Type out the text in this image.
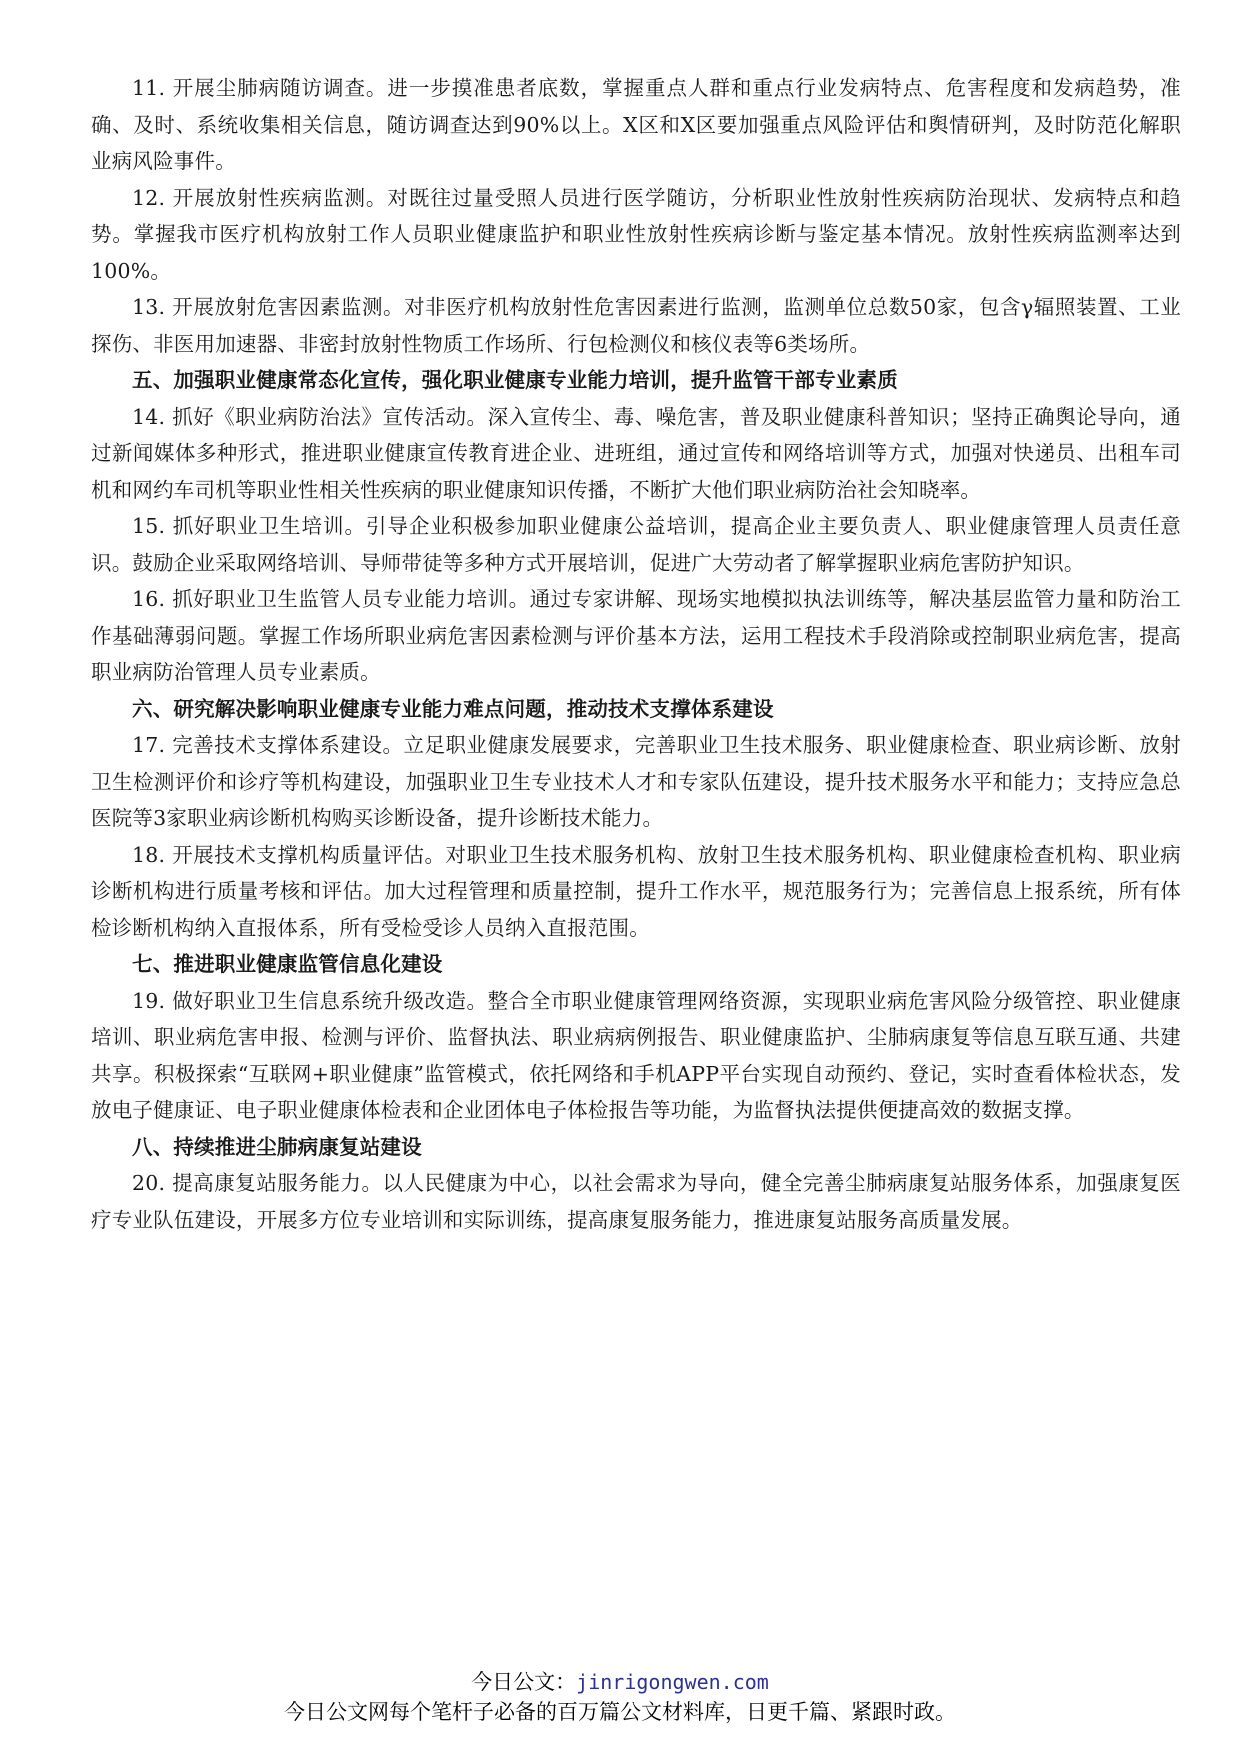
11. 开展尘肺病随访调查。进一步摸准患者底数，掌握重点人群和重点行业发病特点、危害程度和发病趋势，准确、及时、系统收集相关信息，随访调查达到90%以上。X区和X区要加强重点风险评估和舆情研判，及时防范化解职业病风险事件。

12. 开展放射性疾病监测。对既往过量受照人员进行医学随访，分析职业性放射性疾病防治现状、发病特点和趋势。掌握我市医疗机构放射工作人员职业健康监护和职业性放射性疾病诊断与鉴定基本情况。放射性疾病监测率达到100%。

13. 开展放射危害因素监测。对非医疗机构放射性危害因素进行监测，监测单位总数50家，包含γ辐照装置、工业探伤、非医用加速器、非密封放射性物质工作场所、行包检测仪和核仪表等6类场所。

五、加强职业健康常态化宣传，强化职业健康专业能力培训，提升监管干部专业素质

14. 抓好《职业病防治法》宣传活动。深入宣传尘、毒、噪危害，普及职业健康科普知识；坚持正确舆论导向，通过新闻媒体多种形式，推进职业健康宣传教育进企业、进班组，通过宣传和网络培训等方式，加强对快递员、出租车司机和网约车司机等职业性相关性疾病的职业健康知识传播，不断扩大他们职业病防治社会知晓率。

15. 抓好职业卫生培训。引导企业积极参加职业健康公益培训，提高企业主要负责人、职业健康管理人员责任意识。鼓励企业采取网络培训、导师带徒等多种方式开展培训，促进广大劳动者了解掌握职业病危害防护知识。

16. 抓好职业卫生监管人员专业能力培训。通过专家讲解、现场实地模拟执法训练等，解决基层监管力量和防治工作基础薄弱问题。掌握工作场所职业病危害因素检测与评价基本方法，运用工程技术手段消除或控制职业病危害，提高职业病防治管理人员专业素质。

六、研究解决影响职业健康专业能力难点问题，推动技术支撑体系建设

17. 完善技术支撑体系建设。立足职业健康发展要求，完善职业卫生技术服务、职业健康检查、职业病诊断、放射卫生检测评价和诊疗等机构建设，加强职业卫生专业技术人才和专家队伍建设，提升技术服务水平和能力；支持应急总医院等3家职业病诊断机构购买诊断设备，提升诊断技术能力。

18. 开展技术支撑机构质量评估。对职业卫生技术服务机构、放射卫生技术服务机构、职业健康检查机构、职业病诊断机构进行质量考核和评估。加大过程管理和质量控制，提升工作水平，规范服务行为；完善信息上报系统，所有体检诊断机构纳入直报体系，所有受检受诊人员纳入直报范围。

七、推进职业健康监管信息化建设

19. 做好职业卫生信息系统升级改造。整合全市职业健康管理网络资源，实现职业病危害风险分级管控、职业健康培训、职业病危害申报、检测与评价、监督执法、职业病病例报告、职业健康监护、尘肺病康复等信息互联互通、共建共享。积极探索“互联网+职业健康”监管模式，依托网络和手机APP平台实现自动预约、登记，实时查看体检状态，发放电子健康证、电子职业健康体检表和企业团体电子体检报告等功能，为监督执法提供便捷高效的数据支撑。

八、持续推进尘肺病康复站建设

20. 提高康复站服务能力。以人民健康为中心，以社会需求为导向，健全完善尘肺病康复站服务体系，加强康复医疗专业队伍建设，开展多方位专业培训和实际训练，提高康复服务能力，推进康复站服务高质量发展。

今日公文：jinrigongwen.com

今日公文网每个笔杆子必备的百万篇公文材料库，日更千篇、紧跟时政。
